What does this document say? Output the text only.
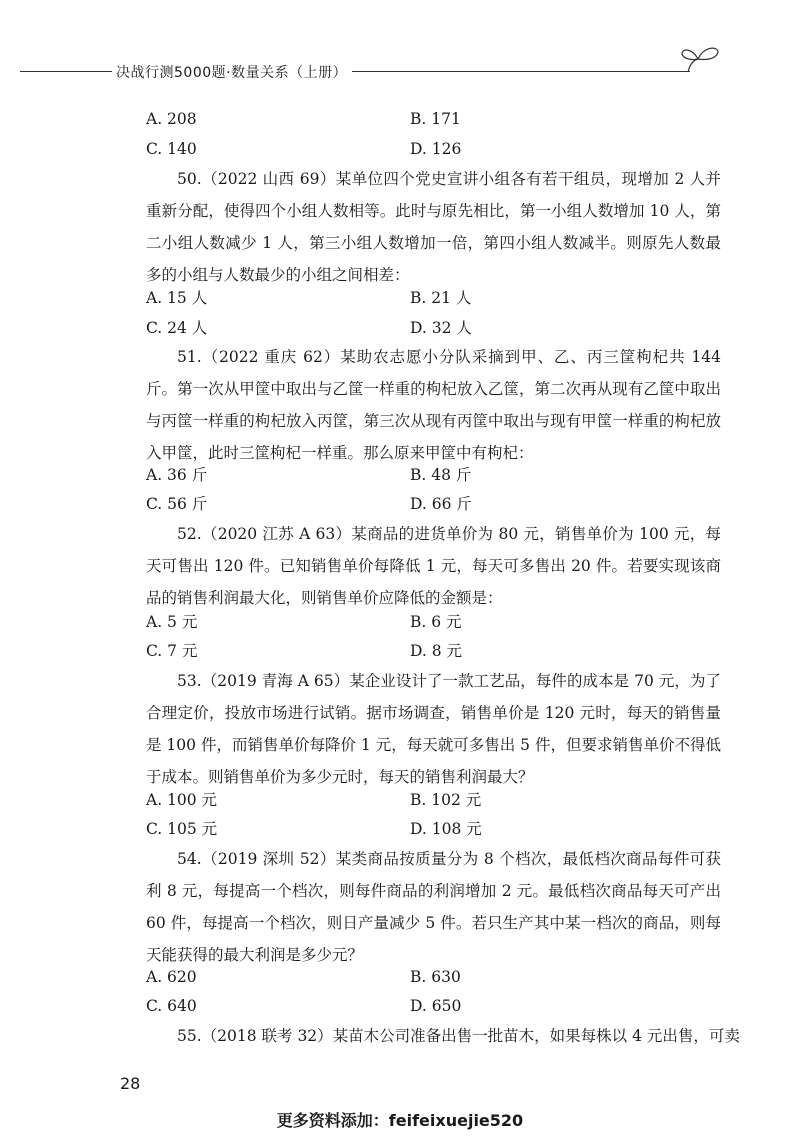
决战行测5000题·数量关系（上册）
A. 208	B. 171
C. 140	D. 126
50.（2022 山西 69）某单位四个党史宣讲小组各有若干组员，现增加 2 人并重新分配，使得四个小组人数相等。此时与原先相比，第一小组人数增加 10 人，第二小组人数减少 1 人，第三小组人数增加一倍，第四小组人数减半。则原先人数最多的小组与人数最少的小组之间相差：
A. 15 人	B. 21 人
C. 24 人	D. 32 人
51.（2022 重庆 62）某助农志愿小分队采摘到甲、乙、丙三筐枸杞共 144 斤。第一次从甲筐中取出与乙筐一样重的枸杞放入乙筐，第二次再从现有乙筐中取出与丙筐一样重的枸杞放入丙筐，第三次从现有丙筐中取出与现有甲筐一样重的枸杞放入甲筐，此时三筐枸杞一样重。那么原来甲筐中有枸杞：
A. 36 斤	B. 48 斤
C. 56 斤	D. 66 斤
52.（2020 江苏 A 63）某商品的进货单价为 80 元，销售单价为 100 元，每天可售出 120 件。已知销售单价每降低 1 元，每天可多售出 20 件。若要实现该商品的销售利润最大化，则销售单价应降低的金额是：
A. 5 元	B. 6 元
C. 7 元	D. 8 元
53.（2019 青海 A 65）某企业设计了一款工艺品，每件的成本是 70 元，为了合理定价，投放市场进行试销。据市场调查，销售单价是 120 元时，每天的销售量是 100 件，而销售单价每降价 1 元，每天就可多售出 5 件，但要求销售单价不得低于成本。则销售单价为多少元时，每天的销售利润最大？
A. 100 元	B. 102 元
C. 105 元	D. 108 元
54.（2019 深圳 52）某类商品按质量分为 8 个档次，最低档次商品每件可获利 8 元，每提高一个档次，则每件商品的利润增加 2 元。最低档次商品每天可产出 60 件，每提高一个档次，则日产量减少 5 件。若只生产其中某一档次的商品，则每天能获得的最大利润是多少元？
A. 620	B. 630
C. 640	D. 650
55.（2018 联考 32）某苗木公司准备出售一批苗木，如果每株以 4 元出售，可卖
28
更多资料添加：feifeixuejie520
